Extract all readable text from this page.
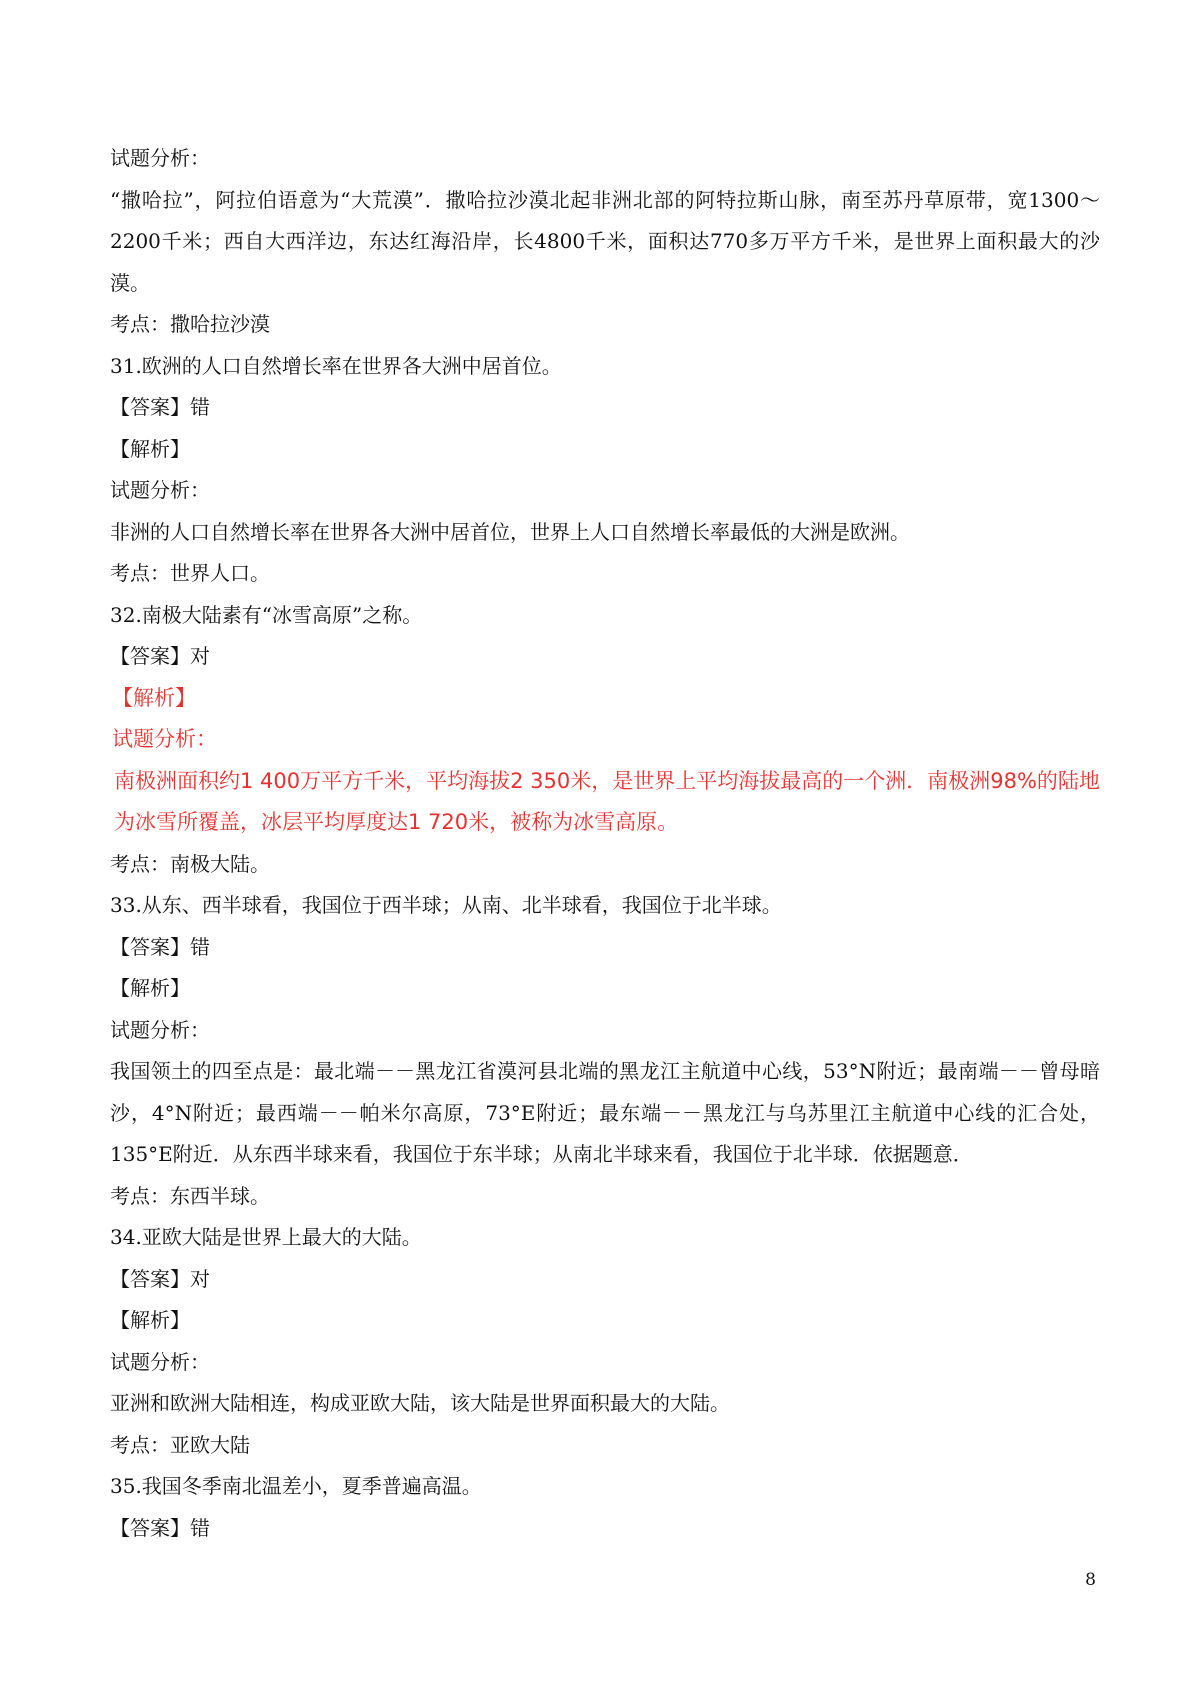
试题分析：
“撒哈拉”，阿拉伯语意为“大荒漠”．撒哈拉沙漠北起非洲北部的阿特拉斯山脉，南至苏丹草原带，宽1300～2200千米；西自大西洋边，东达红海沿岸，长4800千米，面积达770多万平方千米，是世界上面积最大的沙漠。
考点：撒哈拉沙漠
31.欧洲的人口自然增长率在世界各大洲中居首位。
【答案】错
【解析】
试题分析：
非洲的人口自然增长率在世界各大洲中居首位，世界上人口自然增长率最低的大洲是欧洲。
考点：世界人口。
32.南极大陆素有“冰雪高原”之称。
【答案】对
【解析】
试题分析：
南极洲面积约1 400万平方千米，平均海拔2 350米，是世界上平均海拔最高的一个洲．南极洲98%的陆地为冰雪所覆盖，冰层平均厚度达1 720米，被称为冰雪高原。
考点：南极大陆。
33.从东、西半球看，我国位于西半球；从南、北半球看，我国位于北半球。
【答案】错
【解析】
试题分析：
我国领土的四至点是：最北端－－黑龙江省漠河县北端的黑龙江主航道中心线，53°N附近；最南端－－曾母暗沙，4°N附近；最西端－－帕米尔高原，73°E附近；最东端－－黑龙江与乌苏里江主航道中心线的汇合处，135°E附近．从东西半球来看，我国位于东半球；从南北半球来看，我国位于北半球．依据题意．
考点：东西半球。
34.亚欧大陆是世界上最大的大陆。
【答案】对
【解析】
试题分析：
亚洲和欧洲大陆相连，构成亚欧大陆，该大陆是世界面积最大的大陆。
考点：亚欧大陆
35.我国冬季南北温差小，夏季普遍高温。
【答案】错
8
